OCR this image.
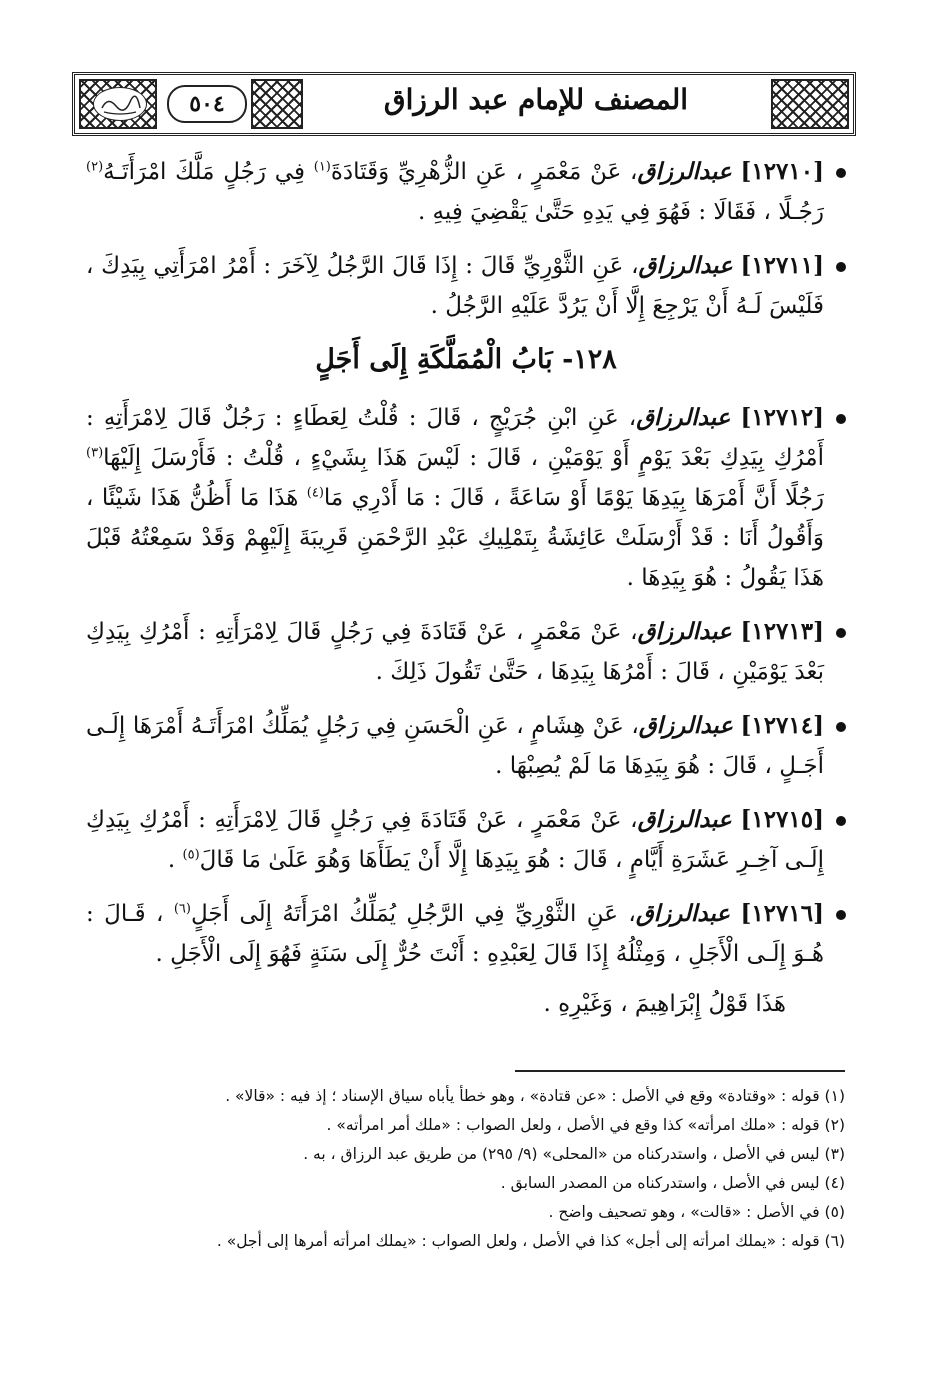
٥٠٤	المصنف للإمام عبد الرزاق
[١٢٧١٠] عبدالرزاق، عَنْ مَعْمَرٍ ، عَنِ الزُّهْرِيِّ وَقَتَادَةَ$^{(١)}$ فِي رَجُلٍ مَلَّكَ امْرَأَتَـهُ$^{(٢)}$ رَجُـلًا ، فَقَالَا : فَهُوَ فِي يَدِهِ حَتَّىٰ يَقْضِيَ فِيهِ .
[١٢٧١١] عبدالرزاق، عَنِ الثَّوْرِيِّ قَالَ : إِذَا قَالَ الرَّجُلُ لِآخَرَ : أَمْرُ امْرَأَتِي بِيَدِكَ ، فَلَيْسَ لَـهُ أَنْ يَرْجِعَ إِلَّا أَنْ يَرُدَّ عَلَيْهِ الرَّجُلُ .
١٢٨- بَابُ الْمُمَلَّكَةِ إِلَى أَجَلٍ
[١٢٧١٢] عبدالرزاق، عَنِ ابْنِ جُرَيْجٍ ، قَالَ : قُلْتُ لِعَطَاءٍ : رَجُلٌ قَالَ لِامْرَأَتِهِ : أَمْرُكِ بِيَدِكِ بَعْدَ يَوْمٍ أَوْ يَوْمَيْنِ ، قَالَ : لَيْسَ هَذَا بِشَيْءٍ ، قُلْتُ : فَأَرْسَلَ إِلَيْهَا$^{(٣)}$ رَجُلًا أَنَّ أَمْرَهَا بِيَدِهَا يَوْمًا أَوْ سَاعَةً ، قَالَ : مَا أَدْرِي مَا$^{(٤)}$ هَذَا مَا أَظُنُّ هَذَا شَيْئًا ، وَأَقُولُ أَنَا : قَدْ أَرْسَلَتْ عَائِشَةُ بِتَمْلِيكِ عَبْدِ الرَّحْمَنِ قَرِيبَةَ إِلَيْهِمْ وَقَدْ سَمِعْتُهُ قَبْلَ هَذَا يَقُولُ : هُوَ بِيَدِهَا .
[١٢٧١٣] عبدالرزاق، عَنْ مَعْمَرٍ ، عَنْ قَتَادَةَ فِي رَجُلٍ قَالَ لِامْرَأَتِهِ : أَمْرُكِ بِيَدِكِ بَعْدَ يَوْمَيْنِ ، قَالَ : أَمْرُهَا بِيَدِهَا ، حَتَّىٰ تَقُولَ ذَلِكَ .
[١٢٧١٤] عبدالرزاق، عَنْ هِشَامٍ ، عَنِ الْحَسَنِ فِي رَجُلٍ يُمَلِّكُ امْرَأَتَـهُ أَمْرَهَا إِلَـى أَجَـلٍ ، قَالَ : هُوَ بِيَدِهَا مَا لَمْ يُصِبْهَا .
[١٢٧١٥] عبدالرزاق، عَنْ مَعْمَرٍ ، عَنْ قَتَادَةَ فِي رَجُلٍ قَالَ لِامْرَأَتِهِ : أَمْرُكِ بِيَدِكِ إِلَـى آخِـرِ عَشَرَةِ أَيَّامٍ ، قَالَ : هُوَ بِيَدِهَا إِلَّا أَنْ يَطَأَهَا وَهُوَ عَلَىٰ مَا قَالَ$^{(٥)}$ .
[١٢٧١٦] عبدالرزاق، عَنِ الثَّوْرِيِّ فِي الرَّجُلِ يُمَلِّكُ امْرَأَتَهُ إِلَى أَجَلٍ$^{(٦)}$ ، قَـالَ : هُـوَ إِلَـى الْأَجَلِ ، وَمِثْلُهُ إِذَا قَالَ لِعَبْدِهِ : أَنْتَ حُرٌّ إِلَى سَنَةٍ فَهُوَ إِلَى الْأَجَلِ .
هَذَا قَوْلُ إِبْرَاهِيمَ ، وَغَيْرِهِ .

(١) قوله : «وقتادة» وقع في الأصل : «عن قتادة» ، وهو خطأ يأباه سياق الإسناد ؛ إذ فيه : «قالا» .

(٢) قوله : «ملك امرأته» كذا وقع في الأصل ، ولعل الصواب : «ملك أمر امرأته» .

(٣) ليس في الأصل ، واستدركناه من «المحلى» (٩/ ٢٩٥) من طريق عبد الرزاق ، به .

(٤) ليس في الأصل ، واستدركناه من المصدر السابق .

(٥) في الأصل : «قالت» ، وهو تصحيف واضح .

(٦) قوله : «يملك امرأته إلى أجل» كذا في الأصل ، ولعل الصواب : «يملك امرأته أمرها إلى أجل» .
